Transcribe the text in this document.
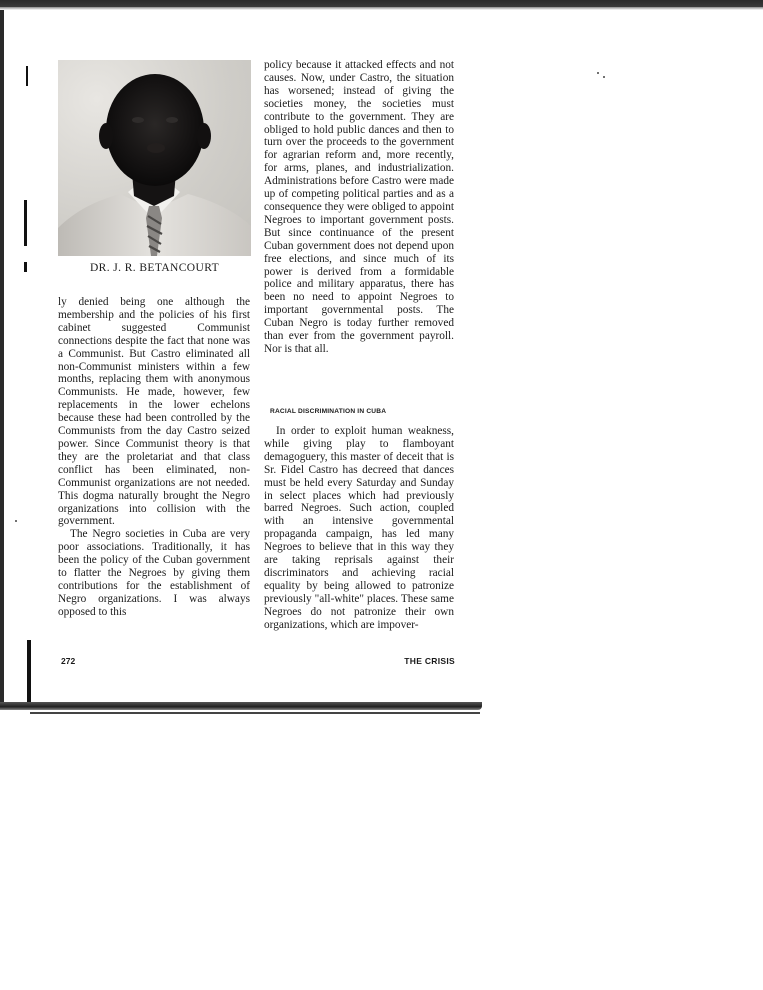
DR. J. R. BETANCOURT

ly denied being one although the membership and the policies of his first cabinet suggested Communist connections despite the fact that none was a Communist. But Castro eliminated all non-Communist ministers within a few months, replacing them with anonymous Communists. He made, however, few replacements in the lower echelons because these had been controlled by the Communists from the day Castro seized power. Since Communist theory is that they are the proletariat and that class conflict has been eliminated, non-Communist organizations are not needed. This dogma naturally brought the Negro organizations into collision with the government.

The Negro societies in Cuba are very poor associations. Traditionally, it has been the policy of the Cuban government to flatter the Negroes by giving them contributions for the establishment of Negro organizations. I was always opposed to this

policy because it attacked effects and not causes. Now, under Castro, the situation has worsened; instead of giving the societies money, the societies must contribute to the government. They are obliged to hold public dances and then to turn over the proceeds to the government for agrarian reform and, more recently, for arms, planes, and industrialization. Administrations before Castro were made up of competing political parties and as a consequence they were obliged to appoint Negroes to important government posts. But since continuance of the present Cuban government does not depend upon free elections, and since much of its power is derived from a formidable police and military apparatus, there has been no need to appoint Negroes to important governmental posts. The Cuban Negro is today further removed than ever from the government payroll. Nor is that all.

RACIAL DISCRIMINATION IN CUBA

In order to exploit human weakness, while giving play to flamboyant demagoguery, this master of deceit that is Sr. Fidel Castro has decreed that dances must be held every Saturday and Sunday in select places which had previously barred Negroes. Such action, coupled with an intensive governmental propaganda campaign, has led many Negroes to believe that in this way they are taking reprisals against their discriminators and achieving racial equality by being allowed to patronize previously "all-white" places. These same Negroes do not patronize their own organizations, which are impover-

272	THE CRISIS
